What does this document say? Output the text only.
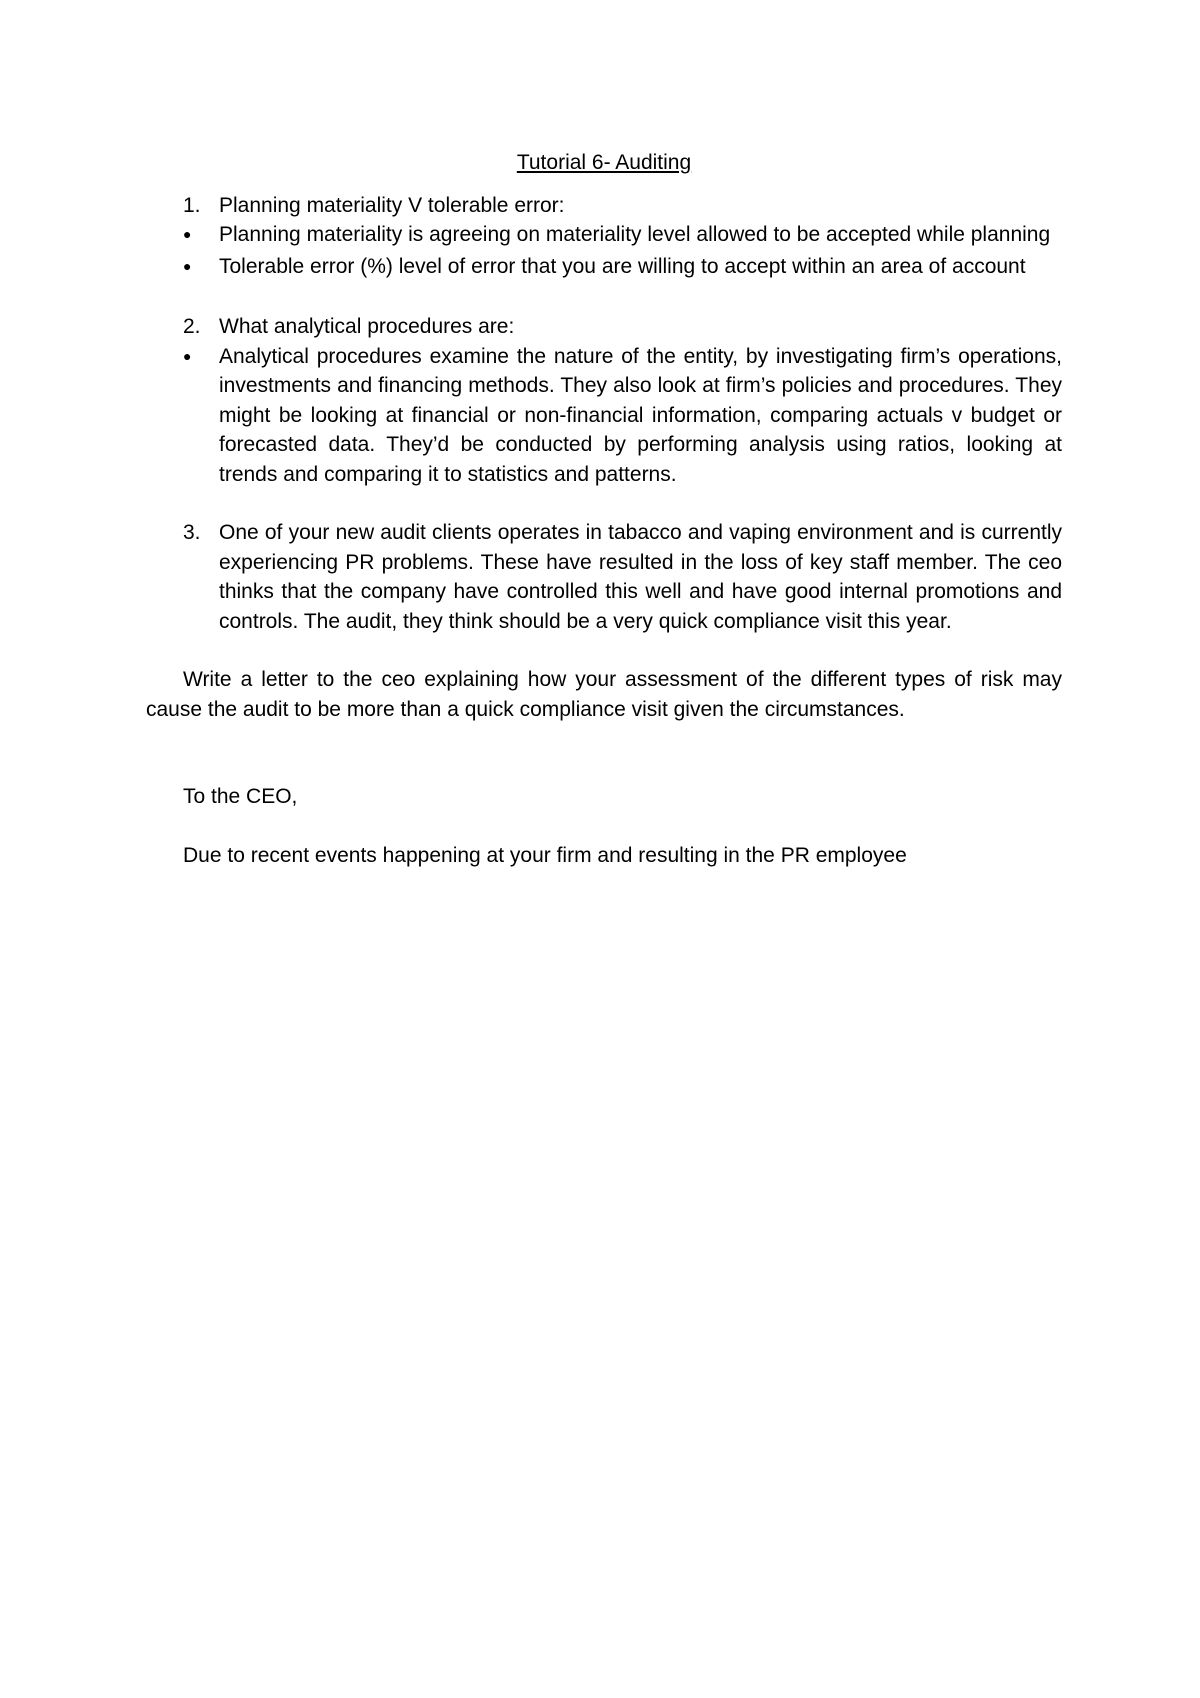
Tutorial 6- Auditing
1. Planning materiality V tolerable error:
●	Planning materiality is agreeing on materiality level allowed to be accepted while planning
●	Tolerable error (%) level of error that you are willing to accept within an area of account
2. What analytical procedures are:
●	Analytical procedures examine the nature of the entity, by investigating firm’s operations, investments and financing methods. They also look at firm’s policies and procedures. They might be looking at financial or non-financial information, comparing actuals v budget or forecasted data. They’d be conducted by performing analysis using ratios, looking at trends and comparing it to statistics and patterns.
3. One of your new audit clients operates in tabacco and vaping environment and is currently experiencing PR problems. These have resulted in the loss of key staff member. The ceo thinks that the company have controlled this well and have good internal promotions and controls. The audit, they think should be a very quick compliance visit this year.

Write a letter to the ceo explaining how your assessment of the different types of risk may cause the audit to be more than a quick compliance visit given the circumstances.

To the CEO,

Due to recent events happening at your firm and resulting in the PR employee
